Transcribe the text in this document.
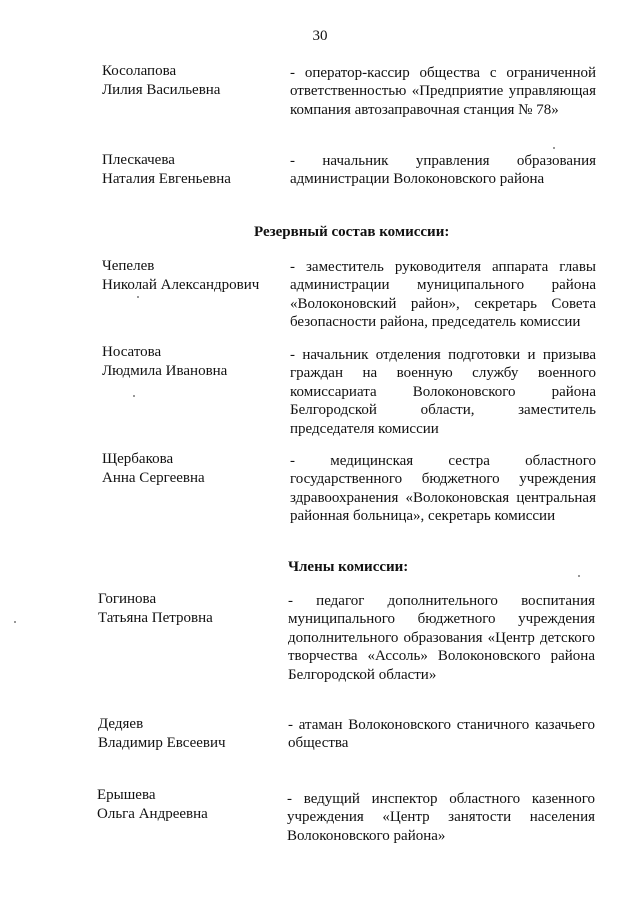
30
Косолапова
Лилия Васильевна
- оператор-кассир общества с ограниченной ответственностью «Предприятие управляющая компания автозаправочная станция № 78»
Плескачева
Наталия Евгеньевна
- начальник управления образования администрации Волоконовского района
Резервный состав комиссии:
Чепелев
Николай Александрович
- заместитель руководителя аппарата главы администрации муниципального района «Волоконовский район», секретарь Совета безопасности района, председатель комиссии
Носатова
Людмила Ивановна
- начальник отделения подготовки и призыва граждан на военную службу военного комиссариата Волоконовского района Белгородской области, заместитель председателя комиссии
Щербакова
Анна Сергеевна
- медицинская сестра областного государственного бюджетного учреждения здравоохранения «Волоконовская центральная районная больница», секретарь комиссии
Члены комиссии:
Гогинова
Татьяна Петровна
- педагог дополнительного воспитания муниципального бюджетного учреждения дополнительного образования «Центр детского творчества «Ассоль» Волоконовского района Белгородской области»
Дедяев
Владимир Евсеевич
- атаман Волоконовского станичного казачьего общества
Ерышева
Ольга Андреевна
- ведущий инспектор областного казенного учреждения «Центр занятости населения Волоконовского района»
